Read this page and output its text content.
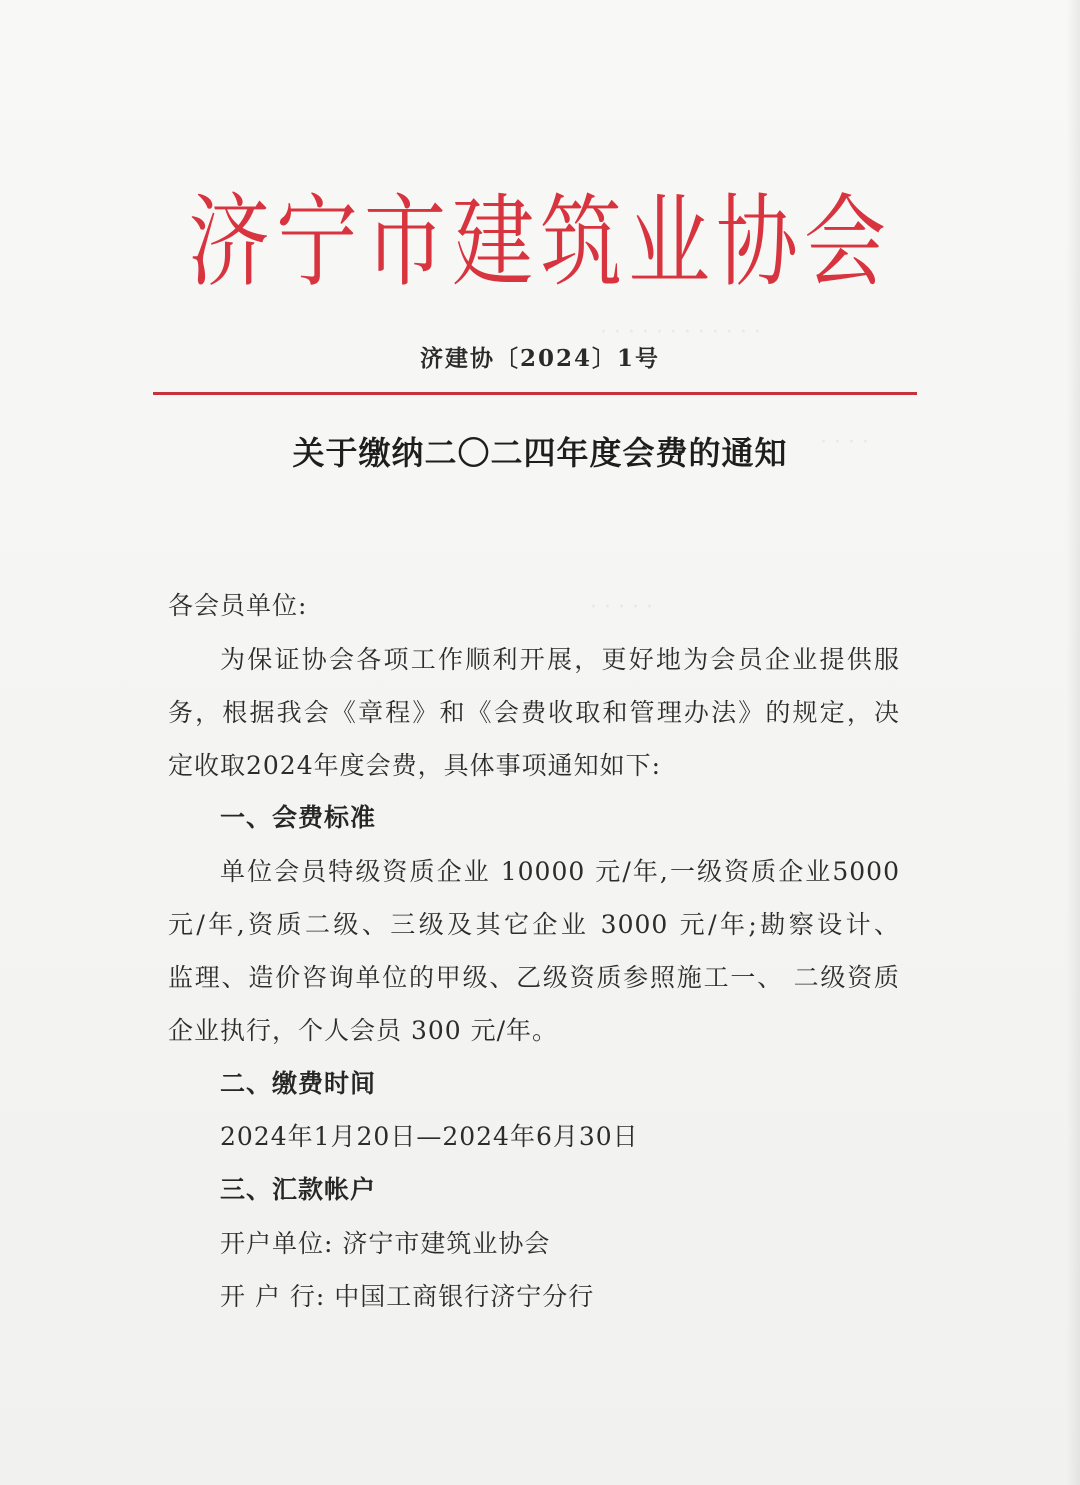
· · · · · · · · · · · ·
· · · ·
· · · · ·
济宁市建筑业协会
济建协〔2024〕1号
关于缴纳二〇二四年度会费的通知
各会员单位:
为保证协会各项工作顺利开展，更好地为会员企业提供服
务，根据我会《章程》和《会费收取和管理办法》的规定，决
定收取2024年度会费，具体事项通知如下:
一、会费标准
单位会员特级资质企业 10000 元/年,一级资质企业5000
元/年,资质二级、三级及其它企业 3000 元/年;勘察设计、
监理、造价咨询单位的甲级、乙级资质参照施工一、 二级资质
企业执行，个人会员 300 元/年。
二、缴费时间
2024年1月20日—2024年6月30日
三、汇款帐户
开户单位: 济宁市建筑业协会
开 户 行: 中国工商银行济宁分行
